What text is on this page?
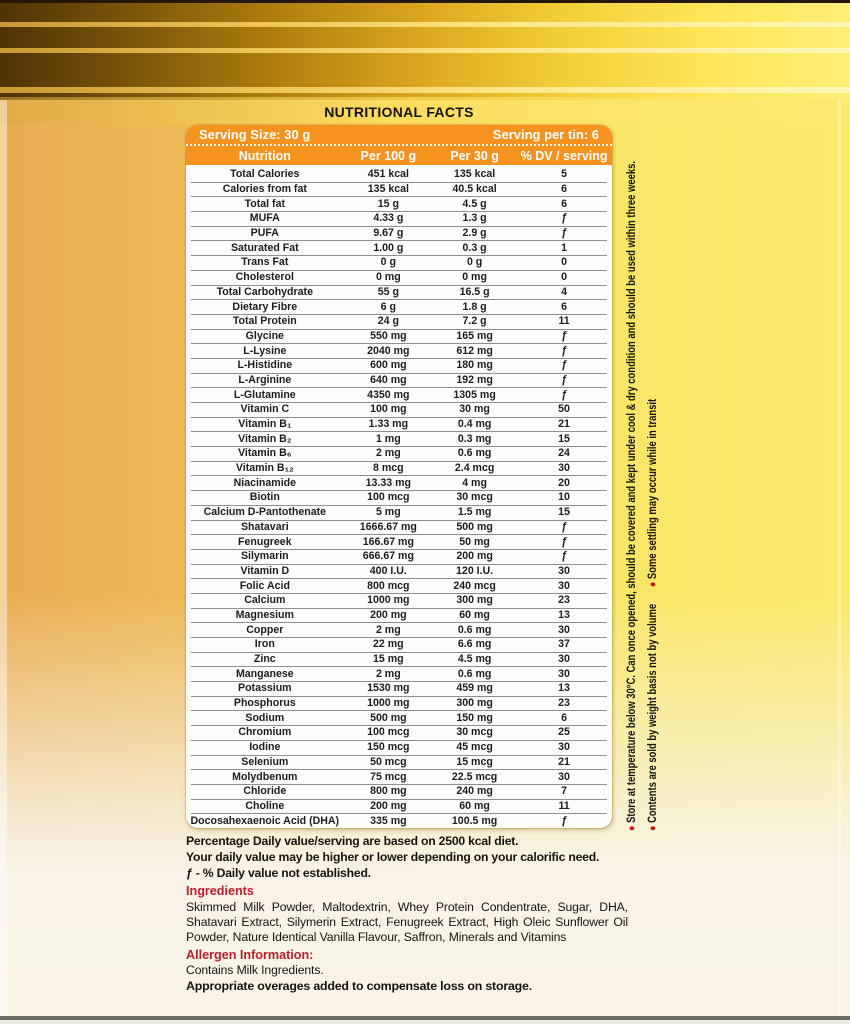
NUTRITIONAL FACTS
Serving Size: 30 g	Serving per tin: 6
Nutrition	Per 100 g	Per 30 g	% DV / serving
Total Calories	451 kcal	135 kcal	5
Calories from fat	135 kcal	40.5 kcal	6
Total fat	15 g	4.5 g	6
MUFA	4.33 g	1.3 g	ƒ
PUFA	9.67 g	2.9 g	ƒ
Saturated Fat	1.00 g	0.3 g	1
Trans Fat	0 g	0 g	0
Cholesterol	0 mg	0 mg	0
Total Carbohydrate	55 g	16.5 g	4
Dietary Fibre	6 g	1.8 g	6
Total Protein	24 g	7.2 g	11
Glycine	550 mg	165 mg	ƒ
L-Lysine	2040 mg	612 mg	ƒ
L-Histidine	600 mg	180 mg	ƒ
L-Arginine	640 mg	192 mg	ƒ
L-Glutamine	4350 mg	1305 mg	ƒ
Vitamin C	100 mg	30 mg	50
Vitamin B₁	1.33 mg	0.4 mg	21
Vitamin B₂	1 mg	0.3 mg	15
Vitamin B₆	2 mg	0.6 mg	24
Vitamin B₁₂	8 mcg	2.4 mcg	30
Niacinamide	13.33 mg	4 mg	20
Biotin	100 mcg	30 mcg	10
Calcium D-Pantothenate	5 mg	1.5 mg	15
Shatavari	1666.67 mg	500 mg	ƒ
Fenugreek	166.67 mg	50 mg	ƒ
Silymarin	666.67 mg	200 mg	ƒ
Vitamin D	400 I.U.	120 I.U.	30
Folic Acid	800 mcg	240 mcg	30
Calcium	1000 mg	300 mg	23
Magnesium	200 mg	60 mg	13
Copper	2 mg	0.6 mg	30
Iron	22 mg	6.6 mg	37
Zinc	15 mg	4.5 mg	30
Manganese	2 mg	0.6 mg	30
Potassium	1530 mg	459 mg	13
Phosphorus	1000 mg	300 mg	23
Sodium	500 mg	150 mg	6
Chromium	100 mcg	30 mcg	25
Iodine	150 mcg	45 mcg	30
Selenium	50 mcg	15 mcg	21
Molydbenum	75 mcg	22.5 mcg	30
Chloride	800 mg	240 mg	7
Choline	200 mg	60 mg	11
Docosahexaenoic Acid (DHA)	335 mg	100.5 mg	ƒ
● Store at temperature below 30°C. Can once opened, should be covered and kept under cool & dry condition and should be used within three weeks.
● Contents are sold by weight basis not by volume  ● Some settling may occur while in transit
Percentage Daily value/serving are based on 2500 kcal diet.
Your daily value may be higher or lower depending on your calorific need.
ƒ - % Daily value not established.
Ingredients
Skimmed Milk Powder, Maltodextrin, Whey Protein Condentrate, Sugar, DHA, Shatavari Extract, Silymerin Extract, Fenugreek Extract, High Oleic Sunflower Oil Powder, Nature Identical Vanilla Flavour, Saffron, Minerals and Vitamins
Allergen Information:
Contains Milk Ingredients.
Appropriate overages added to compensate loss on storage.
